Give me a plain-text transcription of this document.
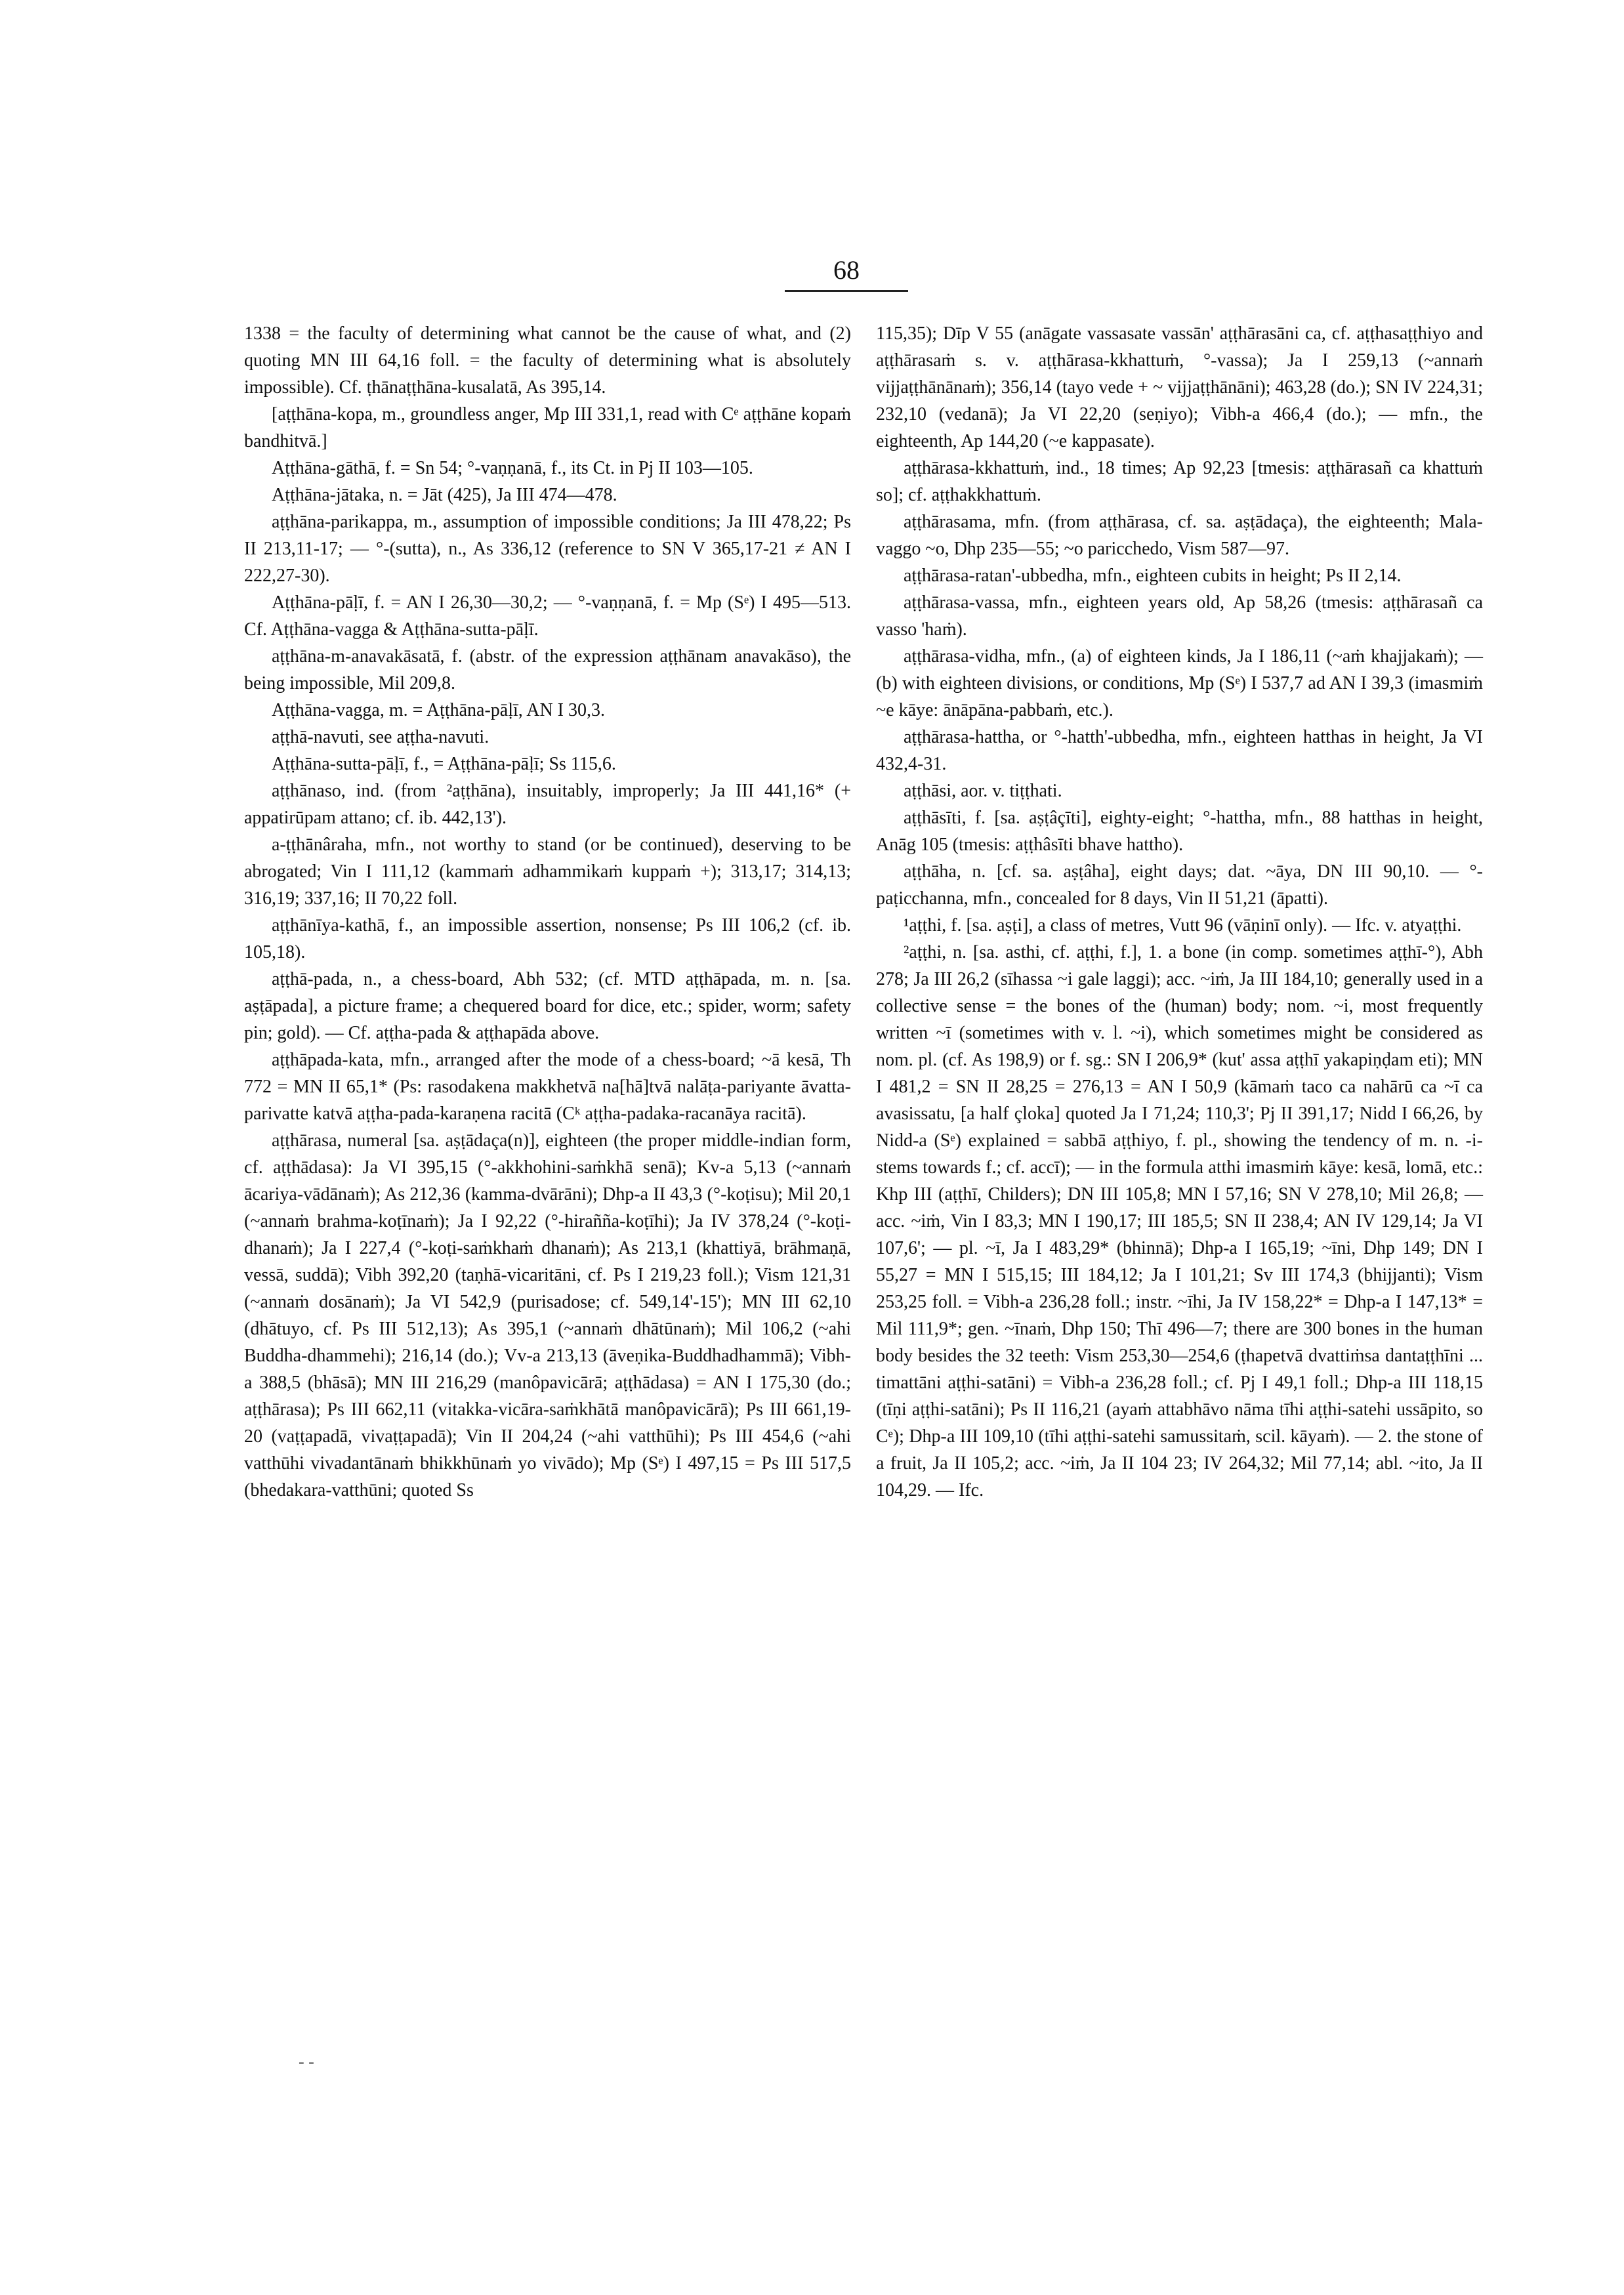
68

1338 = the faculty of determining what cannot be the cause of what, and (2) quoting MN III 64,16 foll. = the faculty of determining what is absolutely impossible). Cf. ṭhānaṭṭhāna-kusalatā, As 395,14.

[aṭṭhāna-kopa, m., groundless anger, Mp III 331,1, read with Cᵉ aṭṭhāne kopaṁ bandhitvā.]

Aṭṭhāna-gāthā, f. = Sn 54; °-vaṇṇanā, f., its Ct. in Pj II 103—105.

Aṭṭhāna-jātaka, n. = Jāt (425), Ja III 474—478.

aṭṭhāna-parikappa, m., assumption of impossible conditions; Ja III 478,22; Ps II 213,11-17; — °-(sutta), n., As 336,12 (reference to SN V 365,17-21 ≠ AN I 222,27-30).

Aṭṭhāna-pāḷī, f. = AN I 26,30—30,2; — °-vaṇṇanā, f. = Mp (Sᵉ) I 495—513. Cf. Aṭṭhāna-vagga & Aṭṭhāna-sutta-pāḷī.

aṭṭhāna-m-anavakāsatā, f. (abstr. of the expression aṭṭhānam anavakāso), the being impossible, Mil 209,8.

Aṭṭhāna-vagga, m. = Aṭṭhāna-pāḷī, AN I 30,3.

aṭṭhā-navuti, see aṭṭha-navuti.

Aṭṭhāna-sutta-pāḷī, f., = Aṭṭhāna-pāḷī; Ss 115,6.

aṭṭhānaso, ind. (from ²aṭṭhāna), insuitably, improperly; Ja III 441,16* (+ appatirūpam attano; cf. ib. 442,13').

a-ṭṭhānâraha, mfn., not worthy to stand (or be continued), deserving to be abrogated; Vin I 111,12 (kammaṁ adhammikaṁ kuppaṁ +); 313,17; 314,13; 316,19; 337,16; II 70,22 foll.

aṭṭhānīya-kathā, f., an impossible assertion, nonsense; Ps III 106,2 (cf. ib. 105,18).

aṭṭhā-pada, n., a chess-board, Abh 532; (cf. MTD aṭṭhāpada, m. n. [sa. aṣṭāpada], a picture frame; a chequered board for dice, etc.; spider, worm; safety pin; gold). — Cf. aṭṭha-pada & aṭṭhapāda above.

aṭṭhāpada-kata, mfn., arranged after the mode of a chess-board; ~ā kesā, Th 772 = MN II 65,1* (Ps: rasodakena makkhetvā na[hā]tvā nalāṭa-pariyante āvatta-parivatte katvā aṭṭha-pada-karaṇena racitā (Cᵏ aṭṭha-padaka-racanāya racitā).

aṭṭhārasa, numeral [sa. aṣṭādaça(n)], eighteen (the proper middle-indian form, cf. aṭṭhādasa): Ja VI 395,15 (°-akkhohini-saṁkhā senā); Kv-a 5,13 (~annaṁ ācariya-vādānaṁ); As 212,36 (kamma-dvārāni); Dhp-a II 43,3 (°-koṭisu); Mil 20,1 (~annaṁ brahma-koṭīnaṁ); Ja I 92,22 (°-hiraññа-koṭīhi); Ja IV 378,24 (°-koṭi-dhanaṁ); Ja I 227,4 (°-koṭi-saṁkhaṁ dhanaṁ); As 213,1 (khattiyā, brāhmaṇā, vessā, suddā); Vibh 392,20 (taṇhā-vicaritāni, cf. Ps I 219,23 foll.); Vism 121,31 (~annaṁ dosānaṁ); Ja VI 542,9 (purisadose; cf. 549,14'-15'); MN III 62,10 (dhātuyo, cf. Ps III 512,13); As 395,1 (~annaṁ dhātūnaṁ); Mil 106,2 (~ahi Buddha-dhammehi); 216,14 (do.); Vv-a 213,13 (āveṇika-Buddhadhammā); Vibh-a 388,5 (bhāsā); MN III 216,29 (manôpavicārā; aṭṭhādasa) = AN I 175,30 (do.; aṭṭhārasa); Ps III 662,11 (vitakka-vicāra-saṁkhātā manôpavicārā); Ps III 661,19-20 (vaṭṭapadā, vivaṭṭapadā); Vin II 204,24 (~ahi vatthūhi); Ps III 454,6 (~ahi vatthūhi vivadantānaṁ bhikkhūnaṁ yo vivādo); Mp (Sᵉ) I 497,15 = Ps III 517,5 (bhedakara-vatthūni; quoted Ss

115,35); Dīp V 55 (anāgate vassasate vassān' aṭṭhārasāni ca, cf. aṭṭhasaṭṭhiyo and aṭṭhārasaṁ s. v. aṭṭhārasa-kkhattuṁ, °-vassa); Ja I 259,13 (~annaṁ vijjaṭṭhānānaṁ); 356,14 (tayo vede + ~ vijjaṭṭhānāni); 463,28 (do.); SN IV 224,31; 232,10 (vedanā); Ja VI 22,20 (seṇiyo); Vibh-a 466,4 (do.); — mfn., the eighteenth, Ap 144,20 (~e kappasate).

aṭṭhārasa-kkhattuṁ, ind., 18 times; Ap 92,23 [tmesis: aṭṭhārasañ ca khattuṁ so]; cf. aṭṭhakkhattuṁ.

aṭṭhārasama, mfn. (from aṭṭhārasa, cf. sa. aṣṭādaça), the eighteenth; Mala-vaggo ~o, Dhp 235—55; ~o paricchedo, Vism 587—97.

aṭṭhārasa-ratan'-ubbedha, mfn., eighteen cubits in height; Ps II 2,14.

aṭṭhārasa-vassa, mfn., eighteen years old, Ap 58,26 (tmesis: aṭṭhārasañ ca vasso 'haṁ).

aṭṭhārasa-vidha, mfn., (a) of eighteen kinds, Ja I 186,11 (~aṁ khajjakaṁ); — (b) with eighteen divisions, or conditions, Mp (Sᵉ) I 537,7 ad AN I 39,3 (imasmiṁ ~e kāye: ānāpāna-pabbaṁ, etc.).

aṭṭhārasa-hattha, or °-hatth'-ubbedha, mfn., eighteen hatthas in height, Ja VI 432,4-31.

aṭṭhāsi, aor. v. tiṭṭhati.

aṭṭhāsīti, f. [sa. aṣṭâçīti], eighty-eight; °-hattha, mfn., 88 hatthas in height, Anāg 105 (tmesis: aṭṭhâsīti bhave hattho).

aṭṭhāha, n. [cf. sa. aṣṭâha], eight days; dat. ~āya, DN III 90,10. — °-paṭicchanna, mfn., concealed for 8 days, Vin II 51,21 (āpatti).

¹aṭṭhi, f. [sa. aṣṭi], a class of metres, Vutt 96 (vāṇinī only). — Ifc. v. atyaṭṭhi.

²aṭṭhi, n. [sa. asthi, cf. aṭṭhi, f.], 1. a bone (in comp. sometimes aṭṭhī-°), Abh 278; Ja III 26,2 (sīhassa ~i gale laggi); acc. ~iṁ, Ja III 184,10; generally used in a collective sense = the bones of the (human) body; nom. ~i, most frequently written ~ī (sometimes with v. l. ~i), which sometimes might be considered as nom. pl. (cf. As 198,9) or f. sg.: SN I 206,9* (kut' assa aṭṭhī yakapiṇḍam eti); MN I 481,2 = SN II 28,25 = 276,13 = AN I 50,9 (kāmaṁ taco ca nahārū ca ~ī ca avasissatu, [a half çloka] quoted Ja I 71,24; 110,3'; Pj II 391,17; Nidd I 66,26, by Nidd-a (Sᵉ) explained = sabbā aṭṭhiyo, f. pl., showing the tendency of m. n. -i- stems towards f.; cf. accī); — in the formula atthi imasmiṁ kāye: kesā, lomā, etc.: Khp III (aṭṭhī, Childers); DN III 105,8; MN I 57,16; SN V 278,10; Mil 26,8; — acc. ~iṁ, Vin I 83,3; MN I 190,17; III 185,5; SN II 238,4; AN IV 129,14; Ja VI 107,6'; — pl. ~ī, Ja I 483,29* (bhinnā); Dhp-a I 165,19; ~īni, Dhp 149; DN I 55,27 = MN I 515,15; III 184,12; Ja I 101,21; Sv III 174,3 (bhijjanti); Vism 253,25 foll. = Vibh-a 236,28 foll.; instr. ~īhi, Ja IV 158,22* = Dhp-a I 147,13* = Mil 111,9*; gen. ~īnaṁ, Dhp 150; Thī 496—7; there are 300 bones in the human body besides the 32 teeth: Vism 253,30—254,6 (ṭhapetvā dvattiṁsa dantaṭṭhīni ... timattāni aṭṭhi-satāni) = Vibh-a 236,28 foll.; cf. Pj I 49,1 foll.; Dhp-a III 118,15 (tīṇi aṭṭhi-satāni); Ps II 116,21 (ayaṁ attabhāvo nāma tīhi aṭṭhi-satehi ussāpito, so Cᵉ); Dhp-a III 109,10 (tīhi aṭṭhi-satehi samussitaṁ, scil. kāyaṁ). — 2. the stone of a fruit, Ja II 105,2; acc. ~iṁ, Ja II 104 23; IV 264,32; Mil 77,14; abl. ~ito, Ja II 104,29. — Ifc.

- -
